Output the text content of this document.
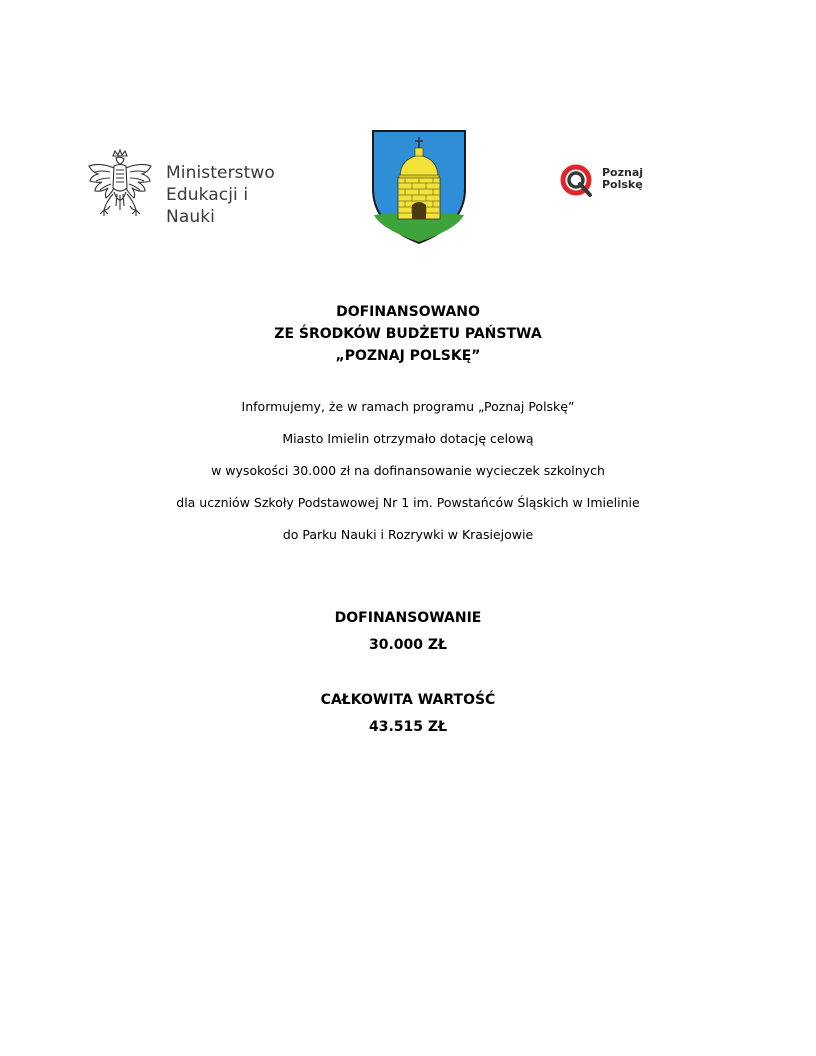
Ministerstwo
Edukacji i Nauki
Poznaj
Polskę
DOFINANSOWANO
ZE ŚRODKÓW BUDŻETU PAŃSTWA
„POZNAJ POLSKĘ”
Informujemy, że w ramach programu „Poznaj Polskę”
Miasto Imielin otrzymało dotację celową
w wysokości 30.000 zł na dofinansowanie wycieczek szkolnych
dla uczniów Szkoły Podstawowej Nr 1 im. Powstańców Śląskich w Imielinie
do Parku Nauki i Rozrywki w Krasiejowie
DOFINANSOWANIE
30.000 ZŁ
CAŁKOWITA WARTOŚĆ
43.515 ZŁ
